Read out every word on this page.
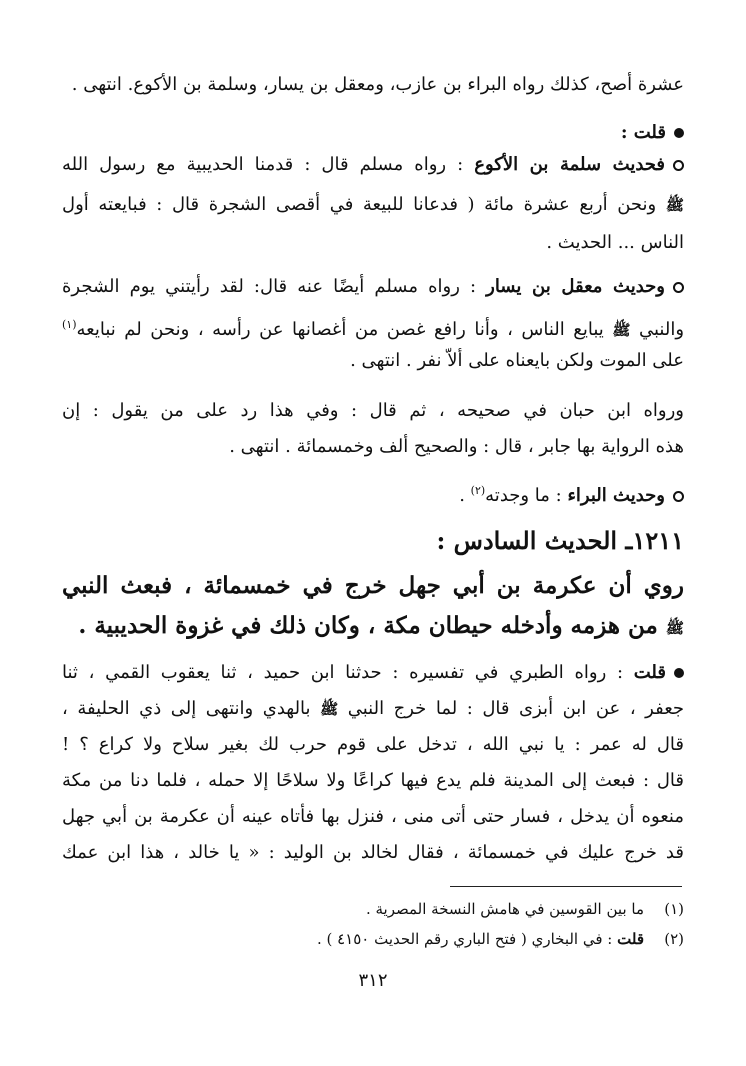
عشرة أصح، كذلك رواه البراء بن عازب، ومعقل بن يسار، وسلمة بن الأكوع. انتهى .
قلت :
فحديث سلمة بن الأكوع : رواه مسلم قال : قدمنا الحديبية مع رسول الله
ﷺ ونحن أربع عشرة مائة ( فدعانا للبيعة في أقصى الشجرة قال : فبايعته أول
الناس ... الحديث .
وحديث معقل بن يسار : رواه مسلم أيضًا عنه قال: لقد رأيتني يوم الشجرة
والنبي ﷺ يبايع الناس ، وأنا رافع غصن من أغصانها عن رأسه ، ونحن لم نبايعه$^{(١)}$
على الموت ولكن بايعناه على ألاّ نفر . انتهى .
ورواه ابن حبان في صحيحه ، ثم قال : وفي هذا رد على من يقول : إن
هذه الرواية بها جابر ، قال : والصحيح ألف وخمسمائة . انتهى .
وحديث البراء : ما وجدته$^{(٢)}$ .
١٢١١ـ الحديث السادس :
روي أن عكرمة بن أبي جهل خرج في خمسمائة ، فبعث النبي
ﷺ من هزمه وأدخله حيطان مكة ، وكان ذلك في غزوة الحديبية .
قلت : رواه الطبري في تفسيره : حدثنا ابن حميد ، ثنا يعقوب القمي ، ثنا
جعفر ، عن ابن أبزى قال : لما خرج النبي ﷺ بالهدي وانتهى إلى ذي الحليفة ،
قال له عمر : يا نبي الله ، تدخل على قوم حرب لك بغير سلاح ولا كراع ؟ !
قال : فبعث إلى المدينة فلم يدع فيها كراعًا ولا سلاحًا إلا حمله ، فلما دنا من مكة
منعوه أن يدخل ، فسار حتى أتى منى ، فنزل بها فأتاه عينه أن عكرمة بن أبي جهل
قد خرج عليك في خمسمائة ، فقال لخالد بن الوليد : « يا خالد ، هذا ابن عمك
(١)ما بين القوسين في هامش النسخة المصرية .
(٢)قلت : في البخاري ( فتح الباري رقم الحديث ٤١٥٠ ) .
٣١٢
